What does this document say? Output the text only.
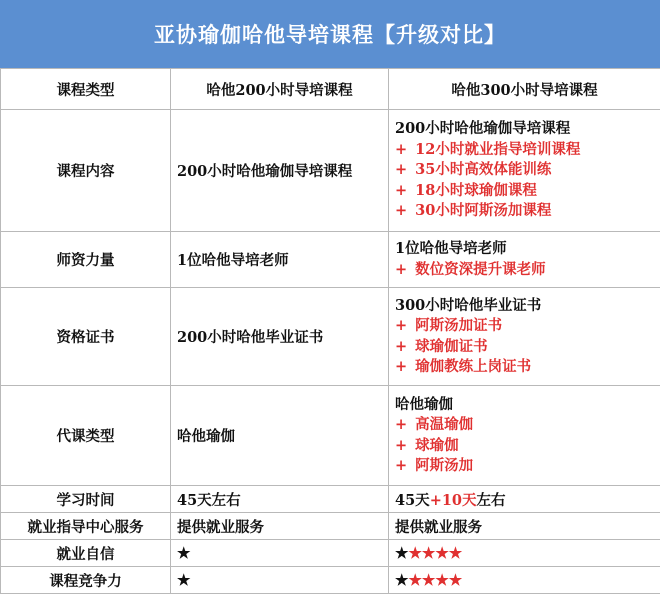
亚协瑜伽哈他导培课程【升级对比】
课程类型	哈他200小时导培课程	哈他300小时导培课程
课程内容	200小时哈他瑜伽导培课程	200小时哈他瑜伽导培课程
+ 12小时就业指导培训课程
+ 35小时高效体能训练
+ 18小时球瑜伽课程
+ 30小时阿斯汤加课程

师资力量	1位哈他导培老师	1位哈他导培老师
+ 数位资深提升课老师

资格证书	200小时哈他毕业证书	300小时哈他毕业证书
+ 阿斯汤加证书
+ 球瑜伽证书
+ 瑜伽教练上岗证书

代课类型	哈他瑜伽	哈他瑜伽
+ 高温瑜伽
+ 球瑜伽
+ 阿斯汤加

学习时间	45天左右	45天+10天左右
就业指导中心服务	提供就业服务	提供就业服务
就业自信	★	★★★★★
课程竞争力	★	★★★★★
